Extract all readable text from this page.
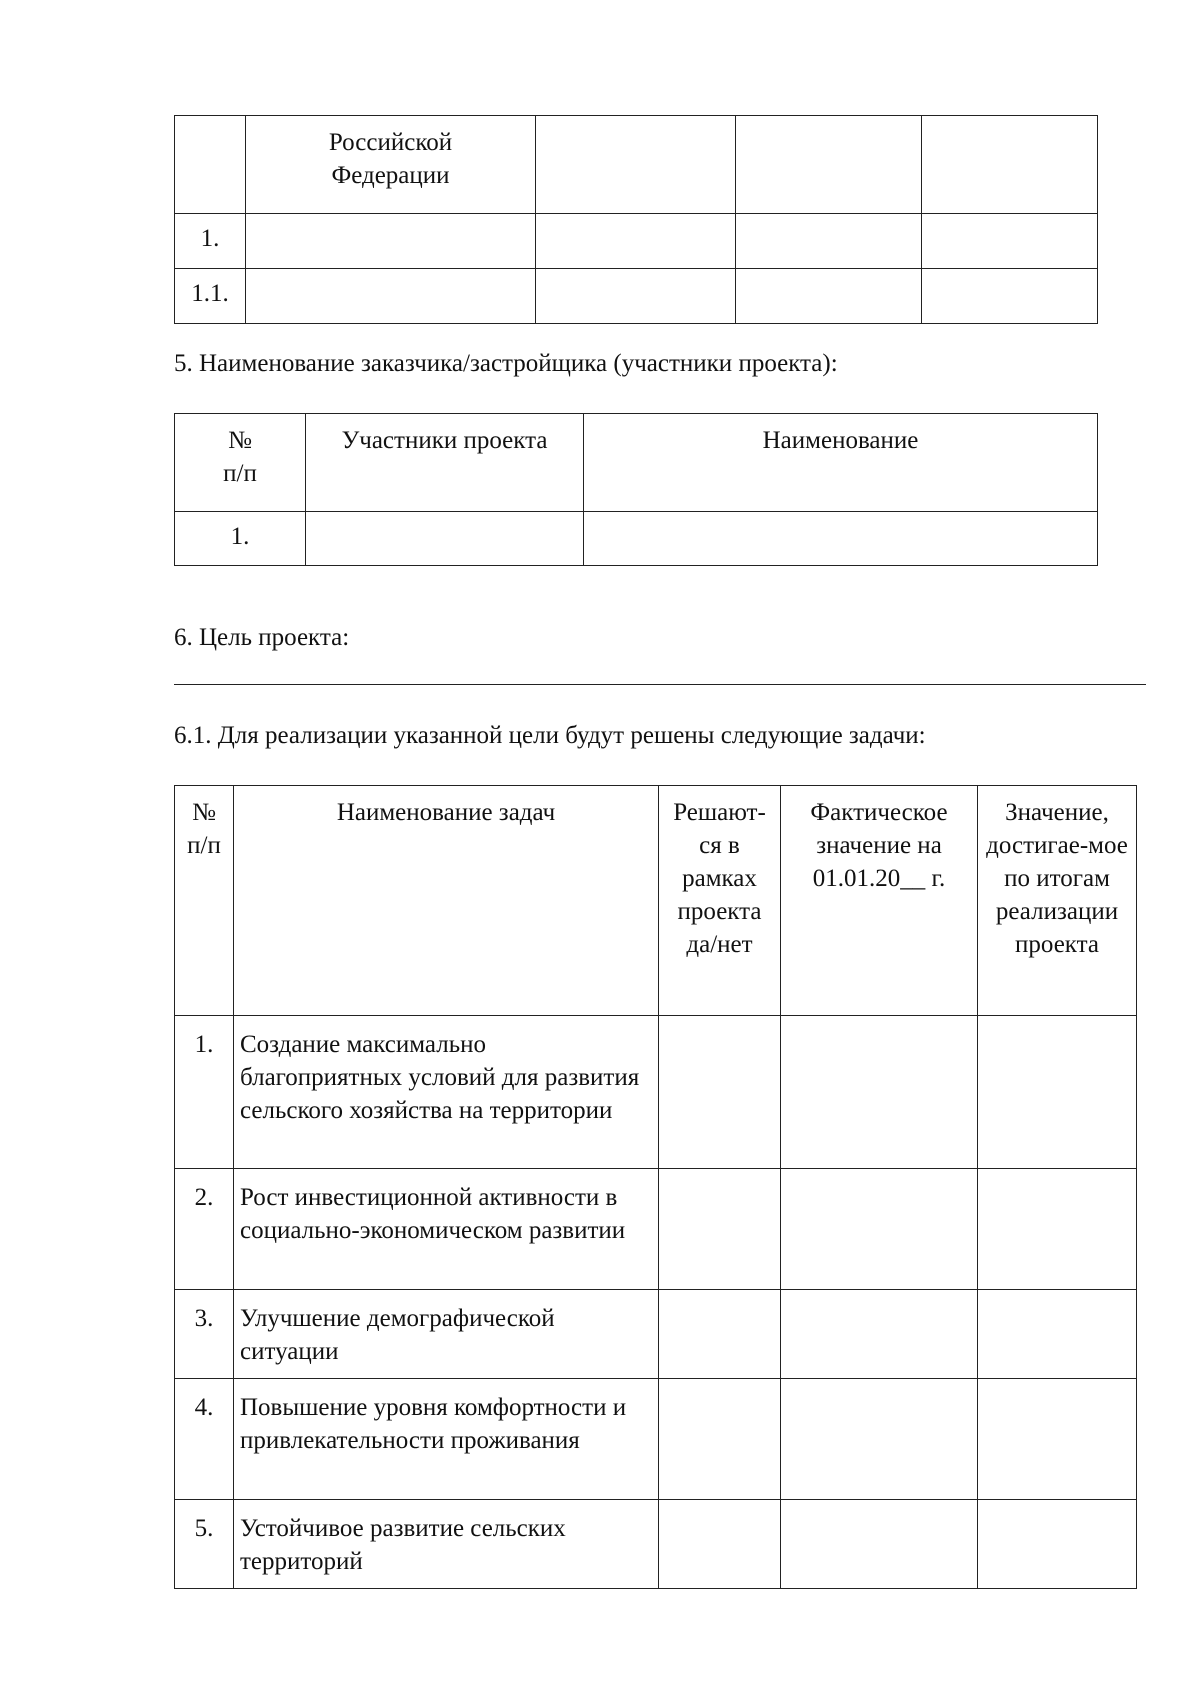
	Российской Федерации			

1.				
1.1.				
5. Наименование заказчика/застройщика (участники проекта):
№ п/п	Участники проекта	Наименование
1.		
6. Цель проекта:
6.1. Для реализации указанной цели будут решены следующие задачи:
№ п/п	Наименование задач	Решают-ся в рамках проекта да/нет	Фактическое значение на 01.01.20__ г.	Значение, достигае-мое по итогам реализации проекта
1.	Создание максимально благоприятных условий для развития сельского хозяйства на территории			
2.	Рост инвестиционной активности в социально-экономическом развитии			
3.	Улучшение демографической ситуации			
4.	Повышение уровня комфортности и привлекательности проживания			
5.	Устойчивое развитие сельских территорий			
